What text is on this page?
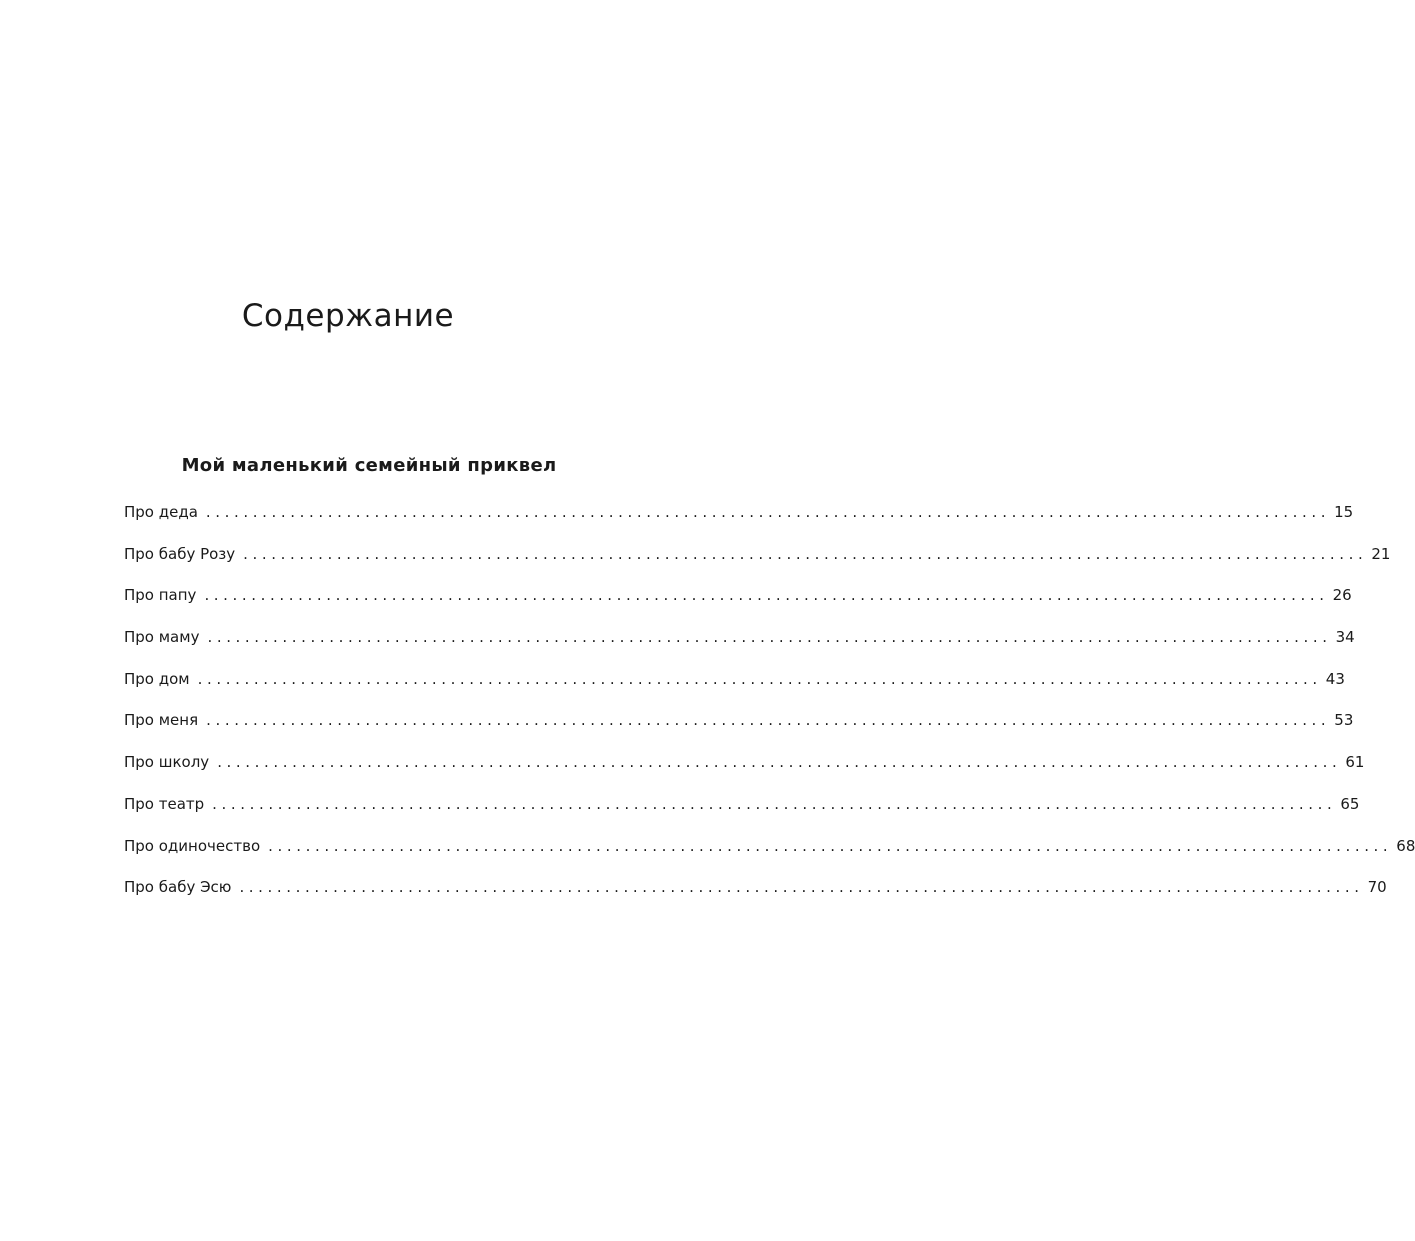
Содержание
Мой маленький семейный приквел
Про деда ........................................................................................................................ 15
Про бабу Розу ........................................................................................................................ 21
Про папу ........................................................................................................................ 26
Про маму ........................................................................................................................ 34
Про дом ........................................................................................................................ 43
Про меня ........................................................................................................................ 53
Про школу ........................................................................................................................ 61
Про театр ........................................................................................................................ 65
Про одиночество ........................................................................................................................ 68
Про бабу Эсю ........................................................................................................................ 70
